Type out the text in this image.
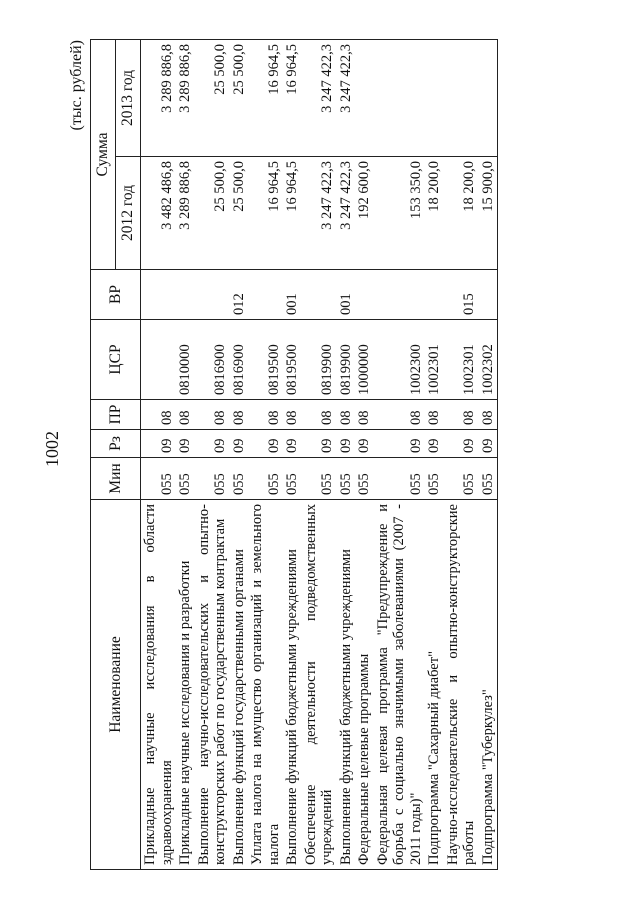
1002
(тыс. рублей)
Наименование	Мин	Рз	ПР	ЦСР	ВР	Сумма	
						2012 год	2013 год
Прикладные научные исследования в области здравоохранения	055	09	08			3 482 486,8	3 289 886,8
Прикладные научные исследования и разработки	055	09	08	0810000		3 289 886,8	3 289 886,8
Выполнение научно-исследовательских и опытно-конструкторских работ по государственным контрактам	055	09	08	0816900		25 500,0	25 500,0
Выполнение функций государственными органами	055	09	08	0816900	012	25 500,0	25 500,0
Уплата налога на имущество организаций и земельного налога	055	09	08	0819500		16 964,5	16 964,5
Выполнение функций бюджетными учреждениями	055	09	08	0819500	001	16 964,5	16 964,5
Обеспечение деятельности подведомственных учреждений	055	09	08	0819900		3 247 422,3	3 247 422,3
Выполнение функций бюджетными учреждениями	055	09	08	0819900	001	3 247 422,3	3 247 422,3
Федеральные целевые программы	055	09	08	1000000		192 600,0	
Федеральная целевая программа "Предупреждение и борьба с социально значимыми заболеваниями (2007 - 2011 годы)"	055	09	08	1002300		153 350,0	
Подпрограмма "Сахарный диабет"	055	09	08	1002301		18 200,0	
Научно-исследовательские и опытно-конструкторские работы	055	09	08	1002301	015	18 200,0	
Подпрограмма "Туберкулез"	055	09	08	1002302		15 900,0	
